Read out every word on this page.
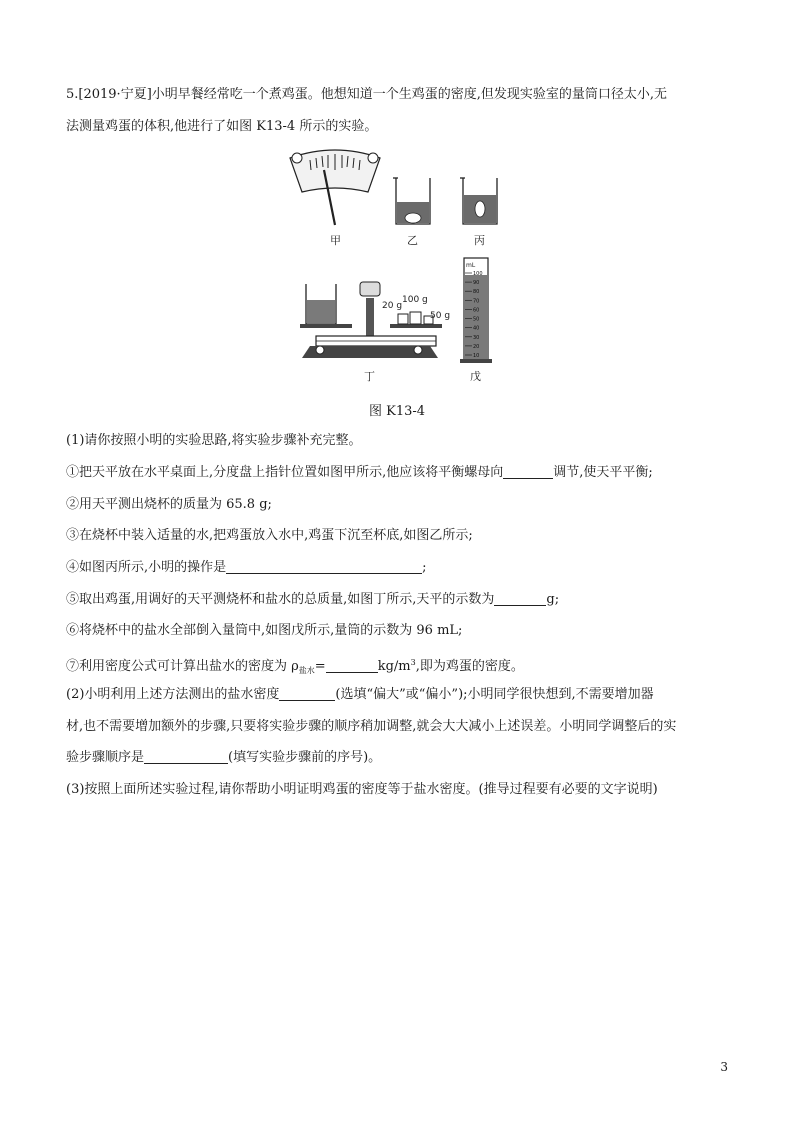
5.[2019·宁夏]小明早餐经常吃一个煮鸡蛋。他想知道一个生鸡蛋的密度,但发现实验室的量筒口径太小,无
法测量鸡蛋的体积,他进行了如图 K13-4 所示的实验。
甲	乙	丙
20 g
100 g
50 g
丁
mL
100
90
80
70
60
50
40
30
20
10
戊
图 K13-4
(1)请你按照小明的实验思路,将实验步骤补充完整。
①把天平放在水平桌面上,分度盘上指针位置如图甲所示,他应该将平衡螺母向	调节,使天平平衡;
②用天平测出烧杯的质量为 65.8 g;
③在烧杯中装入适量的水,把鸡蛋放入水中,鸡蛋下沉至杯底,如图乙所示;
④如图丙所示,小明的操作是	;
⑤取出鸡蛋,用调好的天平测烧杯和盐水的总质量,如图丁所示,天平的示数为	g;
⑥将烧杯中的盐水全部倒入量筒中,如图戊所示,量筒的示数为 96 mL;
⑦利用密度公式可计算出盐水的密度为 $\rho_{盐水}=$	$kg/m^3$,即为鸡蛋的密度。
(2)小明利用上述方法测出的盐水密度	(选填“偏大”或“偏小”);小明同学很快想到,不需要增加器
材,也不需要增加额外的步骤,只要将实验步骤的顺序稍加调整,就会大大减小上述误差。小明同学调整后的实
验步骤顺序是	(填写实验步骤前的序号)。
(3)按照上面所述实验过程,请你帮助小明证明鸡蛋的密度等于盐水密度。(推导过程要有必要的文字说明)
3
